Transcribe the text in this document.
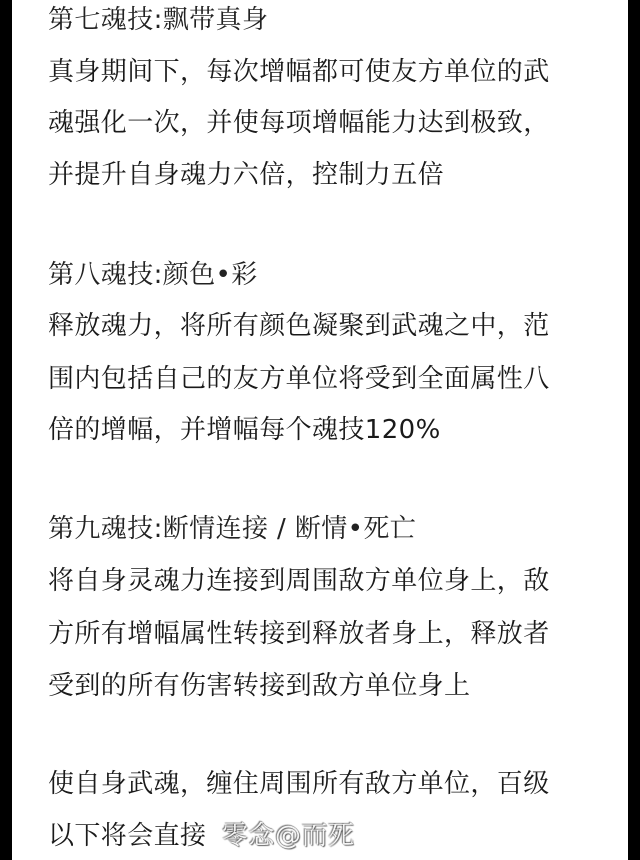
第七魂技:飘带真身
真身期间下，每次增幅都可使友方单位的武
魂强化一次，并使每项增幅能力达到极致，
并提升自身魂力六倍，控制力五倍
第八魂技:颜色•彩
释放魂力，将所有颜色凝聚到武魂之中，范
围内包括自己的友方单位将受到全面属性八
倍的增幅，并增幅每个魂技120%
第九魂技:断情连接 / 断情•死亡
将自身灵魂力连接到周围敌方单位身上，敌
方所有增幅属性转接到释放者身上，释放者
受到的所有伤害转接到敌方单位身上
使自身武魂，缠住周围所有敌方单位，百级
以下将会直接 零念@而死
